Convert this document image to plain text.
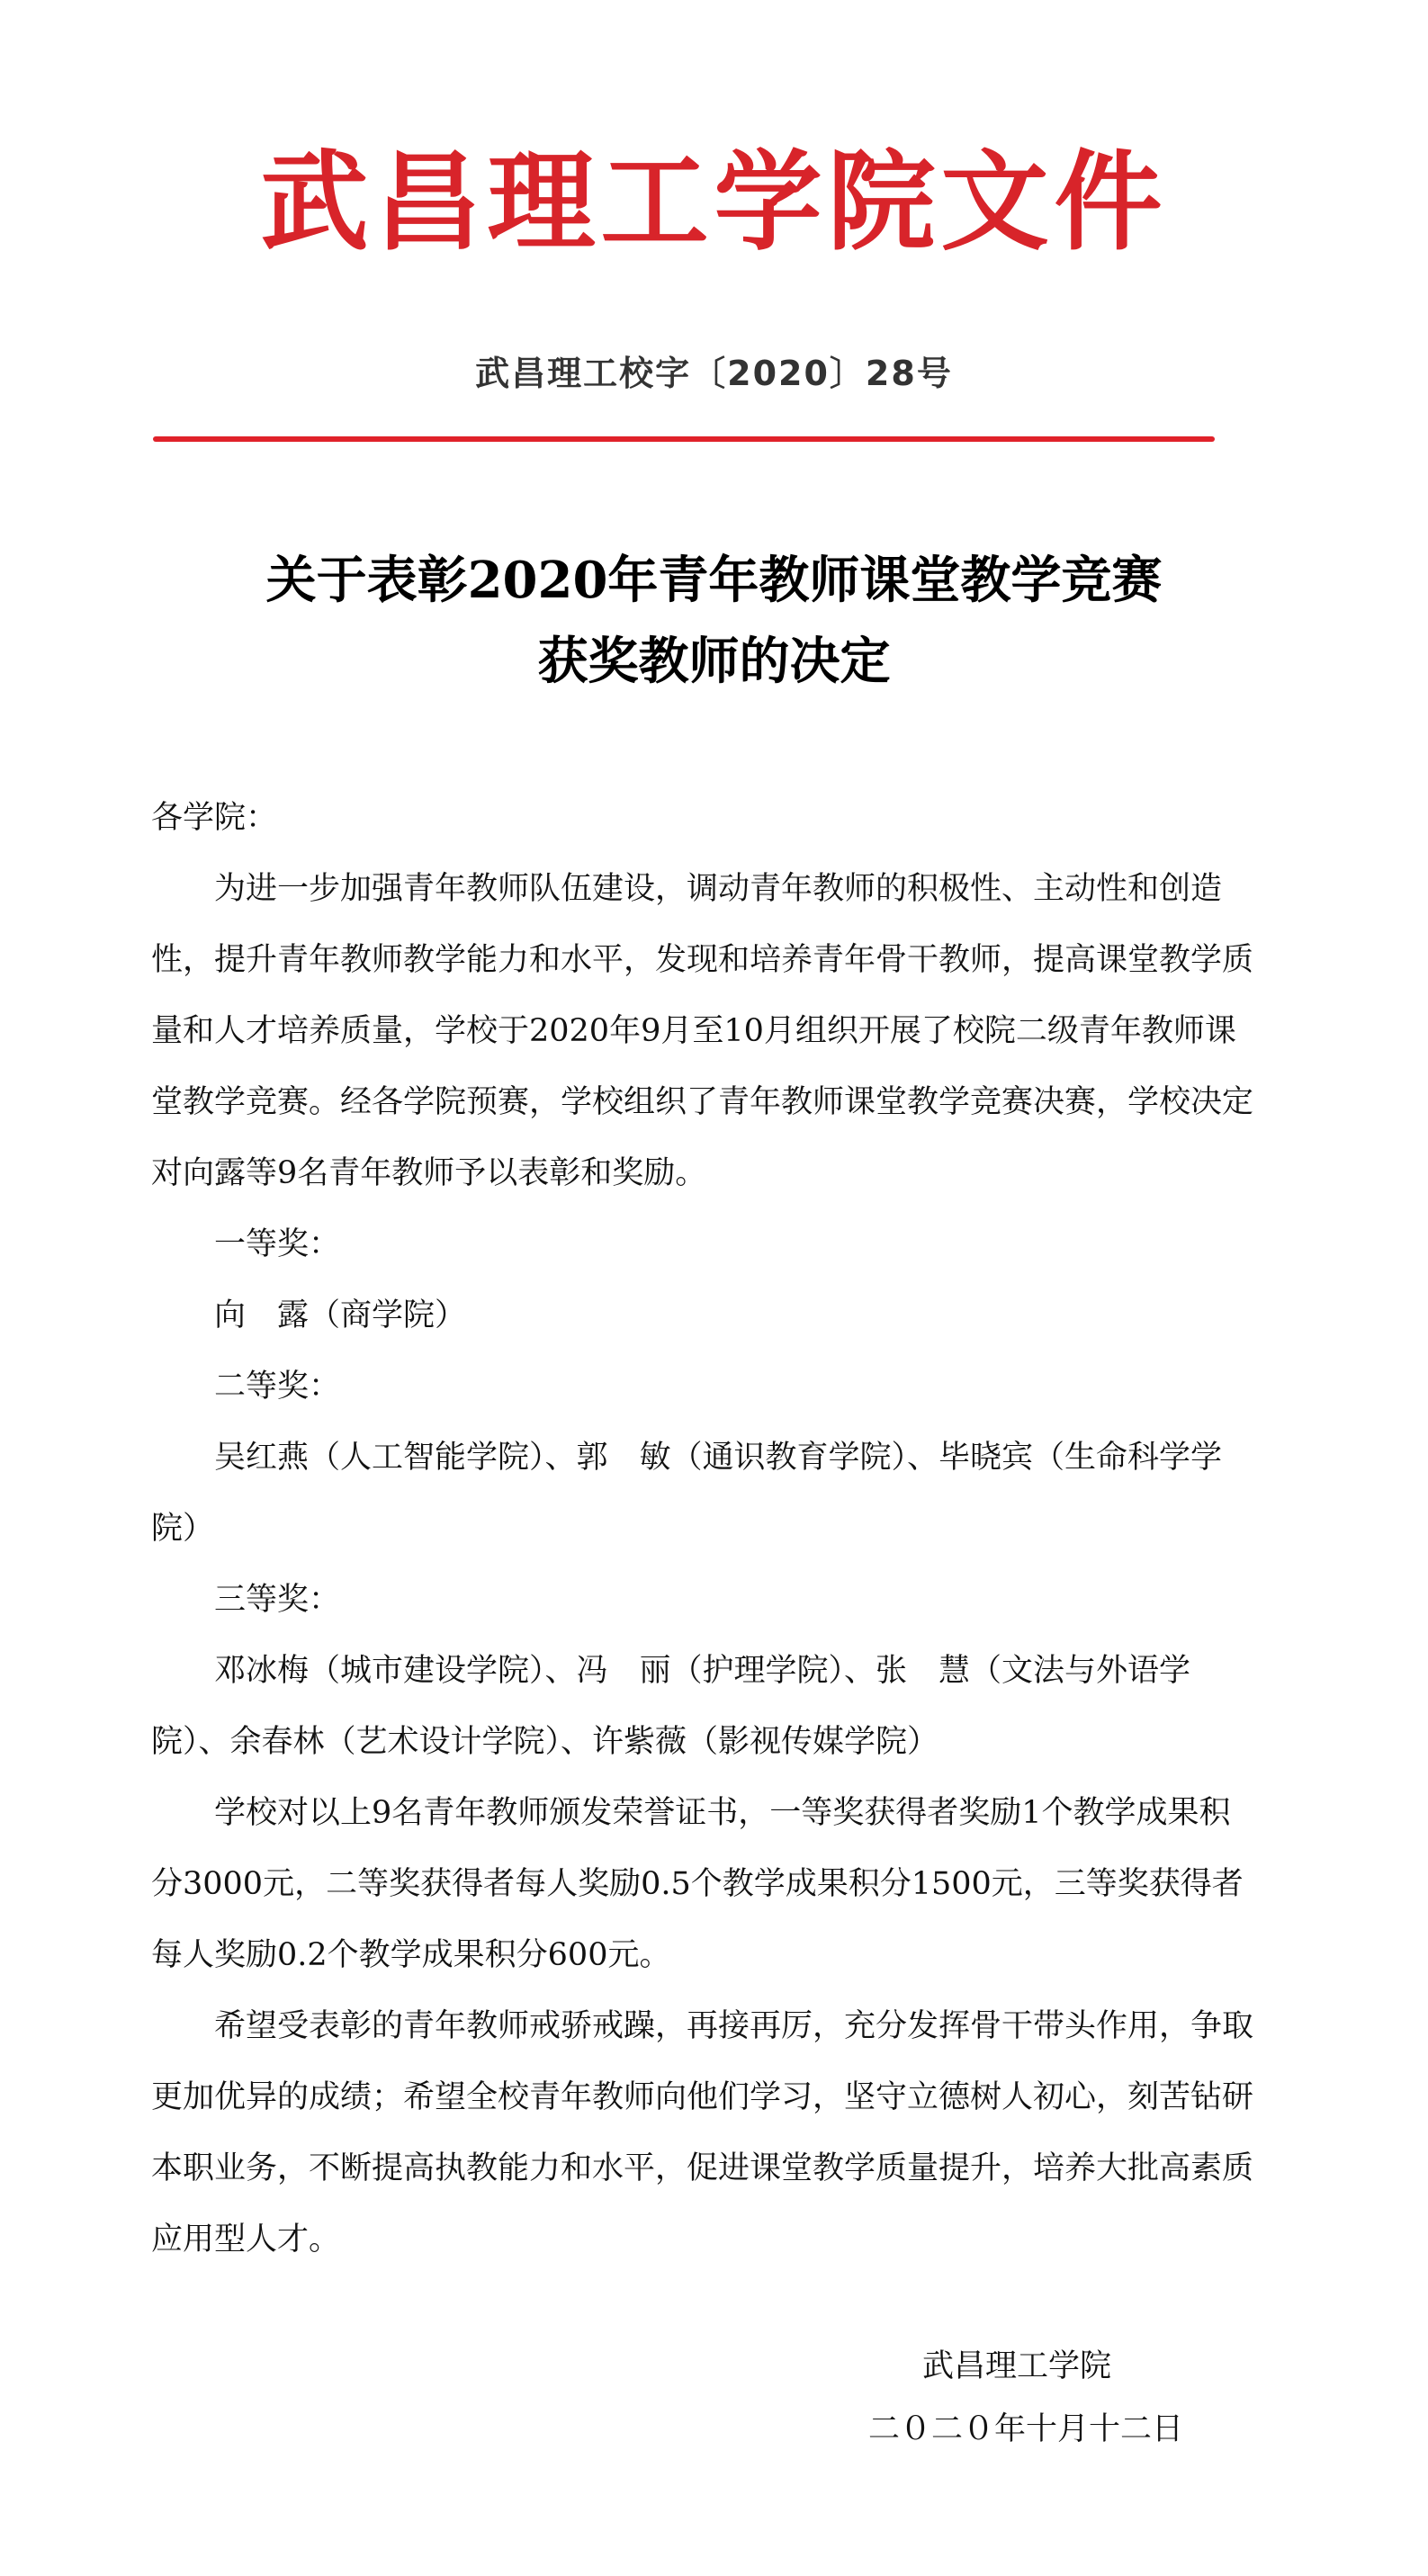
武昌理工学院文件
武昌理工校字〔2020〕28号
关于表彰2020年青年教师课堂教学竞赛
获奖教师的决定

各学院：

为进一步加强青年教师队伍建设，调动青年教师的积极性、主动性和创造性，提升青年教师教学能力和水平，发现和培养青年骨干教师，提高课堂教学质量和人才培养质量，学校于2020年9月至10月组织开展了校院二级青年教师课堂教学竞赛。经各学院预赛，学校组织了青年教师课堂教学竞赛决赛，学校决定对向露等9名青年教师予以表彰和奖励。

一等奖：

向　露（商学院）

二等奖：

吴红燕（人工智能学院）、郭　敏（通识教育学院）、毕晓宾（生命科学学院）

三等奖：

邓冰梅（城市建设学院）、冯　丽（护理学院）、张　慧（文法与外语学院）、余春林（艺术设计学院）、许紫薇（影视传媒学院）

学校对以上9名青年教师颁发荣誉证书，一等奖获得者奖励1个教学成果积分3000元，二等奖获得者每人奖励0.5个教学成果积分1500元，三等奖获得者每人奖励0.2个教学成果积分600元。

希望受表彰的青年教师戒骄戒躁，再接再厉，充分发挥骨干带头作用，争取更加优异的成绩；希望全校青年教师向他们学习，坚守立德树人初心，刻苦钻研本职业务，不断提高执教能力和水平，促进课堂教学质量提升，培养大批高素质应用型人才。

武昌理工学院
二０二０年十月十二日
